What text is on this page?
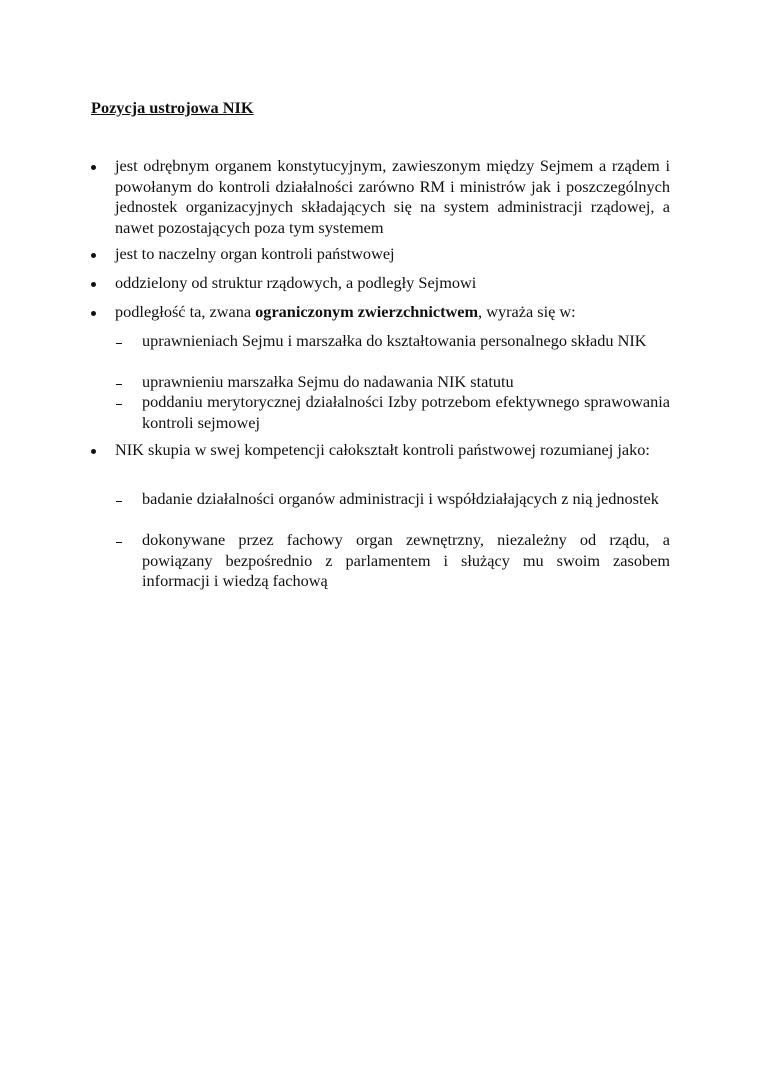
Pozycja ustrojowa NIK
jest odrębnym organem konstytucyjnym, zawieszonym między Sejmem a rządem i powołanym do kontroli działalności zarówno RM i ministrów jak i poszczególnych jednostek organizacyjnych składających się na system administracji rządowej, a nawet pozostających poza tym systemem
jest to naczelny organ kontroli państwowej
oddzielony od struktur rządowych, a podległy Sejmowi
podległość ta, zwana ograniczonym zwierzchnictwem, wyraża się w:
uprawnieniach Sejmu i marszałka do kształtowania personalnego składu NIK
uprawnieniu marszałka Sejmu do nadawania NIK statutu
poddaniu merytorycznej działalności Izby potrzebom efektywnego sprawowania kontroli sejmowej
NIK skupia w swej kompetencji całokształt kontroli państwowej rozumianej jako:
badanie działalności organów administracji i współdziałających z nią jednostek
dokonywane przez fachowy organ zewnętrzny, niezależny od rządu, a powiązany bezpośrednio z parlamentem i służący mu swoim zasobem informacji i wiedzą fachową
